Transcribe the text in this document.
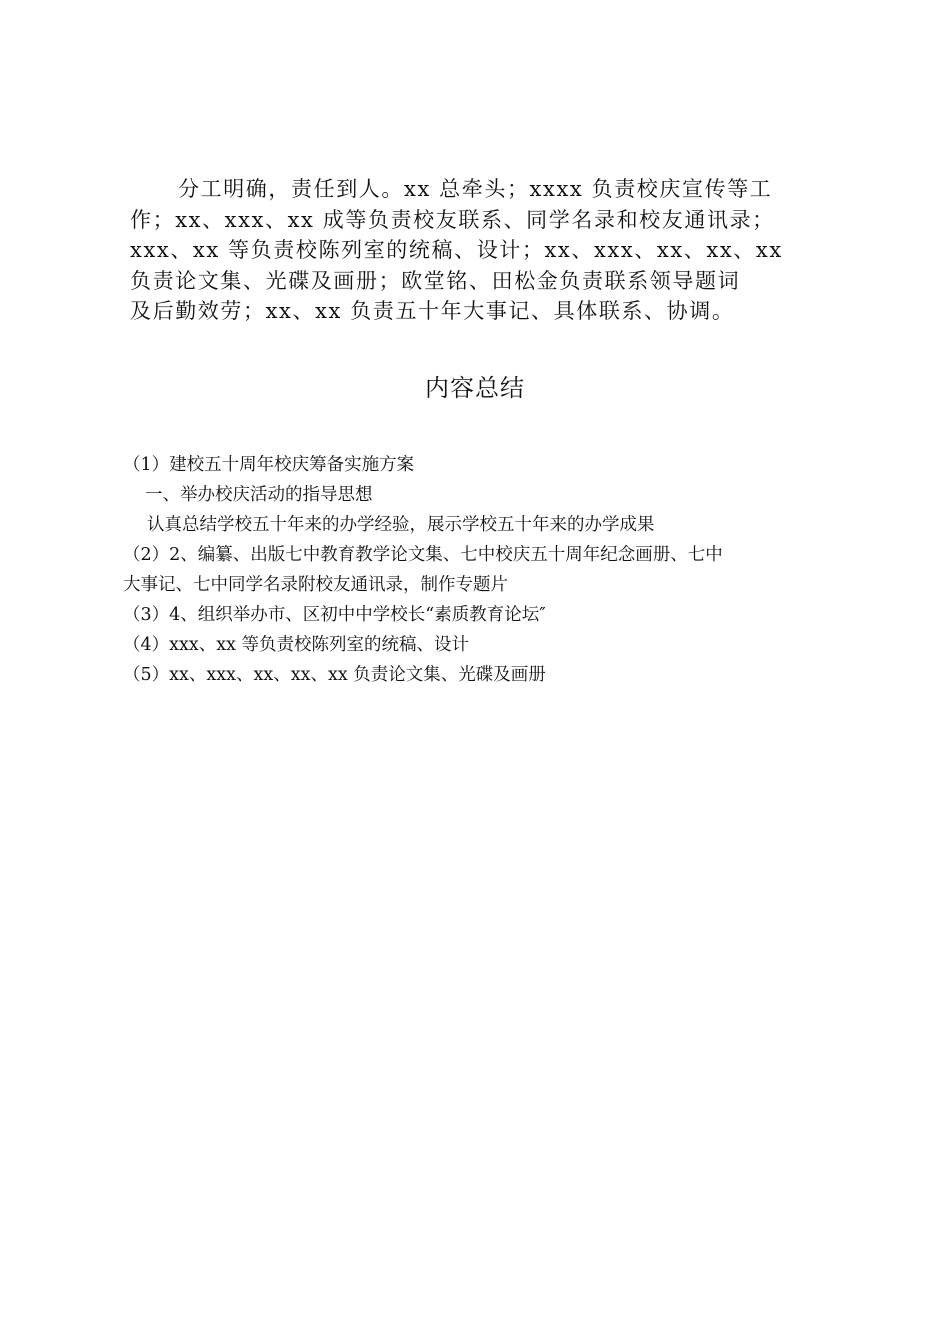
分工明确，责任到人。xx 总牵头；xxxx 负责校庆宣传等工
作；xx、xxx、xx 成等负责校友联系、同学名录和校友通讯录；
xxx、xx 等负责校陈列室的统稿、设计；xx、xxx、xx、xx、xx
负责论文集、光碟及画册；欧堂铭、田松金负责联系领导题词
及后勤效劳；xx、xx 负责五十年大事记、具体联系、协调。
内容总结
（1）建校五十周年校庆筹备实施方案
一、举办校庆活动的指导思想
认真总结学校五十年来的办学经验，展示学校五十年来的办学成果
（2）2、编纂、出版七中教育教学论文集、七中校庆五十周年纪念画册、七中
大事记、七中同学名录附校友通讯录，制作专题片
（3）4、组织举办市、区初中中学校长“素质教育论坛″
（4）xxx、xx 等负责校陈列室的统稿、设计
（5）xx、xxx、xx、xx、xx 负责论文集、光碟及画册
